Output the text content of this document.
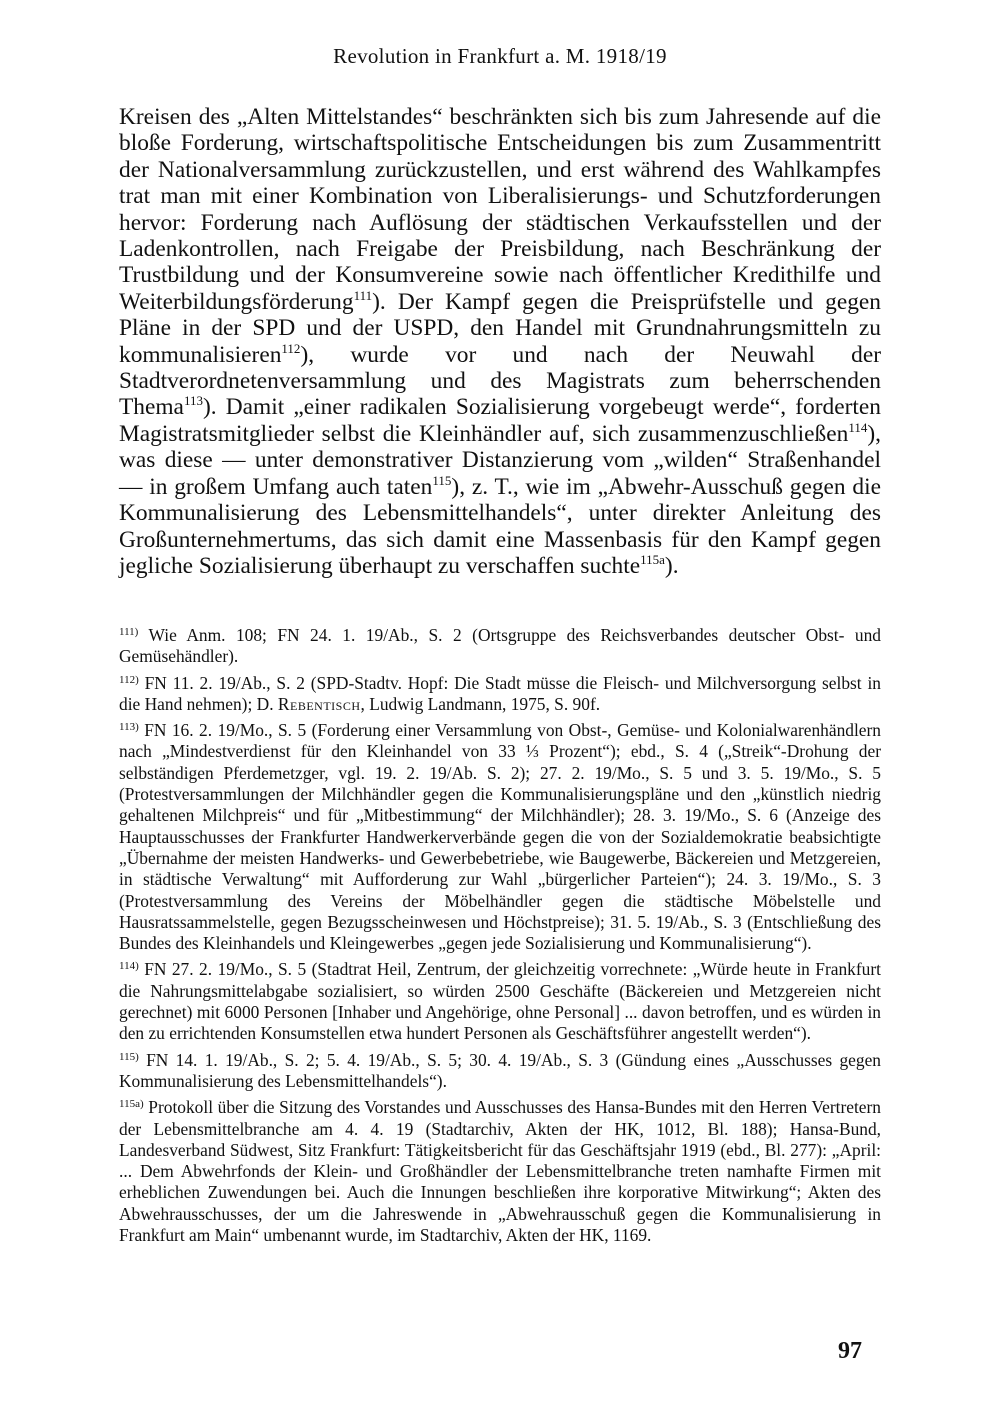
Revolution in Frankfurt a. M. 1918/19

Kreisen des „Alten Mittelstandes“ beschränkten sich bis zum Jahresende auf die bloße Forderung, wirtschaftspolitische Entscheidungen bis zum Zusammentritt der Nationalversammlung zurückzustellen, und erst während des Wahlkampfes trat man mit einer Kombination von Liberalisierungs- und Schutzforderungen hervor: Forderung nach Auflösung der städtischen Verkaufsstellen und der Ladenkontrollen, nach Freigabe der Preisbildung, nach Beschränkung der Trustbildung und der Konsumvereine sowie nach öffentlicher Kredithilfe und Weiterbildungsförderung$^{111}$). Der Kampf gegen die Preisprüfstelle und gegen Pläne in der SPD und der USPD, den Handel mit Grundnahrungsmitteln zu kommunalisieren$^{112}$), wurde vor und nach der Neuwahl der Stadtverordnetenversammlung und des Magistrats zum beherrschenden Thema$^{113}$). Damit „einer radikalen Sozialisierung vorgebeugt werde“, forderten Magistratsmitglieder selbst die Kleinhändler auf, sich zusammenzuschließen$^{114}$), was diese — unter demonstrativer Distanzierung vom „wilden“ Straßenhandel — in großem Umfang auch taten$^{115}$), z. T., wie im „Abwehr-Ausschuß gegen die Kommunalisierung des Lebensmittelhandels“, unter direkter Anleitung des Großunternehmertums, das sich damit eine Massenbasis für den Kampf gegen jegliche Sozialisierung überhaupt zu verschaffen suchte$^{115a}$).

$^{111)}$ Wie Anm. 108; FN 24. 1. 19/Ab., S. 2 (Ortsgruppe des Reichsverbandes deutscher Obst- und Gemüsehändler).

$^{112)}$ FN 11. 2. 19/Ab., S. 2 (SPD-Stadtv. Hopf: Die Stadt müsse die Fleisch- und Milchversorgung selbst in die Hand nehmen); D. Rebentisch, Ludwig Landmann, 1975, S. 90f.

$^{113)}$ FN 16. 2. 19/Mo., S. 5 (Forderung einer Versammlung von Obst-, Gemüse- und Kolonialwarenhändlern nach „Mindestverdienst für den Kleinhandel von 33 ⅓ Prozent“); ebd., S. 4 („Streik“-Drohung der selbständigen Pferdemetzger, vgl. 19. 2. 19/Ab. S. 2); 27. 2. 19/Mo., S. 5 und 3. 5. 19/Mo., S. 5 (Protestversammlungen der Milchhändler gegen die Kommunalisierungspläne und den „künstlich niedrig gehaltenen Milchpreis“ und für „Mitbestimmung“ der Milchhändler); 28. 3. 19/Mo., S. 6 (Anzeige des Hauptausschusses der Frankfurter Handwerkerverbände gegen die von der Sozialdemokratie beabsichtigte „Übernahme der meisten Handwerks- und Gewerbebetriebe, wie Baugewerbe, Bäckereien und Metzgereien, in städtische Verwaltung“ mit Aufforderung zur Wahl „bürgerlicher Parteien“); 24. 3. 19/Mo., S. 3 (Protestversammlung des Vereins der Möbelhändler gegen die städtische Möbelstelle und Hausratssammelstelle, gegen Bezugsscheinwesen und Höchstpreise); 31. 5. 19/Ab., S. 3 (Entschließung des Bundes des Kleinhandels und Kleingewerbes „gegen jede Sozialisierung und Kommunalisierung“).

$^{114)}$ FN 27. 2. 19/Mo., S. 5 (Stadtrat Heil, Zentrum, der gleichzeitig vorrechnete: „Würde heute in Frankfurt die Nahrungsmittelabgabe sozialisiert, so würden 2500 Geschäfte (Bäckereien und Metzgereien nicht gerechnet) mit 6000 Personen [Inhaber und Angehörige, ohne Personal] ... davon betroffen, und es würden in den zu errichtenden Konsumstellen etwa hundert Personen als Geschäftsführer angestellt werden“).

$^{115)}$ FN 14. 1. 19/Ab., S. 2; 5. 4. 19/Ab., S. 5; 30. 4. 19/Ab., S. 3 (Gündung eines „Ausschusses gegen Kommunalisierung des Lebensmittelhandels“).

$^{115a)}$ Protokoll über die Sitzung des Vorstandes und Ausschusses des Hansa-Bundes mit den Herren Vertretern der Lebensmittelbranche am 4. 4. 19 (Stadtarchiv, Akten der HK, 1012, Bl. 188); Hansa-Bund, Landesverband Südwest, Sitz Frankfurt: Tätigkeitsbericht für das Geschäftsjahr 1919 (ebd., Bl. 277): „April: ... Dem Abwehrfonds der Klein- und Großhändler der Lebensmittelbranche treten namhafte Firmen mit erheblichen Zuwendungen bei. Auch die Innungen beschließen ihre korporative Mitwirkung“; Akten des Abwehrausschusses, der um die Jahreswende in „Abwehrausschuß gegen die Kommunalisierung in Frankfurt am Main“ umbenannt wurde, im Stadtarchiv, Akten der HK, 1169.

97
